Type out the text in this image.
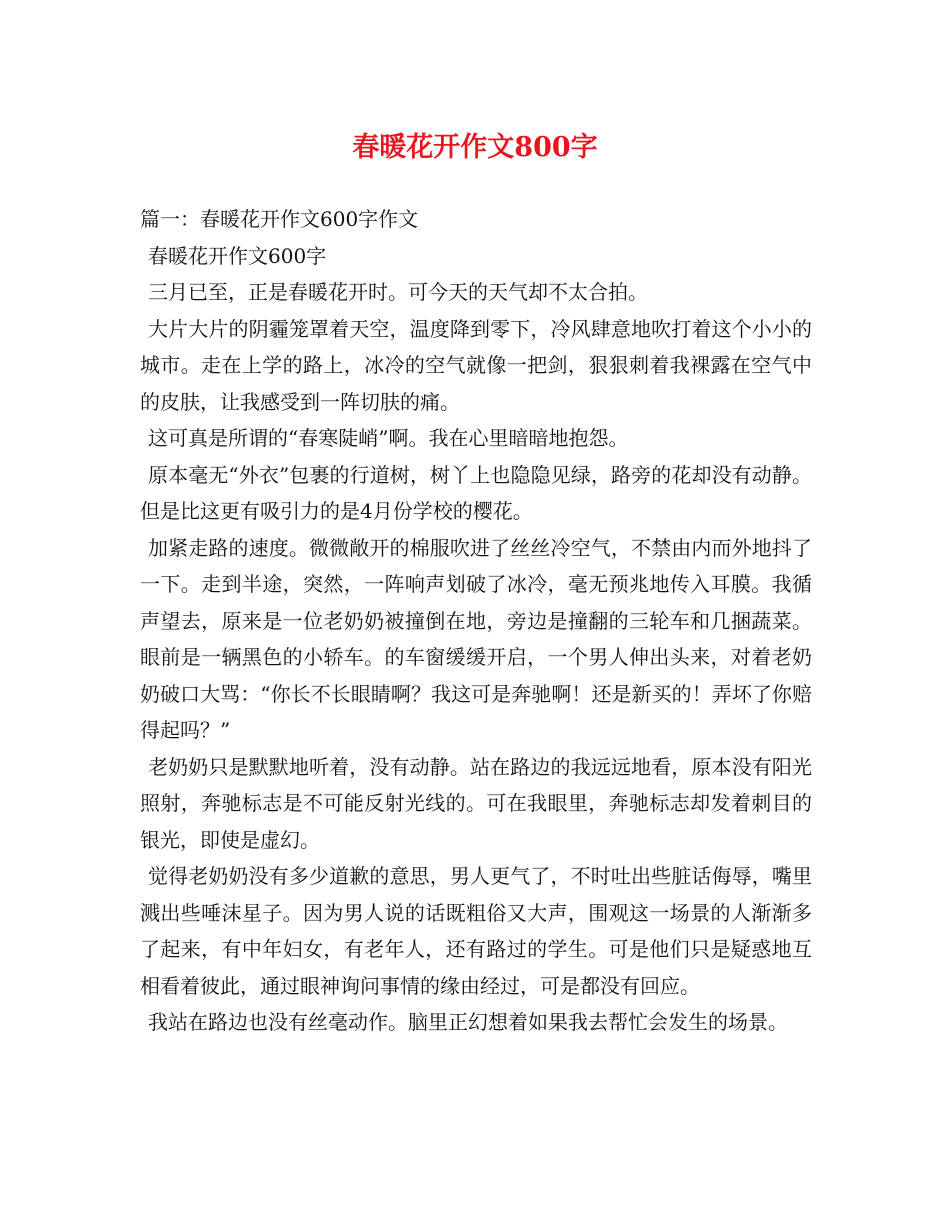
春暖花开作文800字

篇一：春暖花开作文600字作文

春暖花开作文600字

三月已至，正是春暖花开时。可今天的天气却不太合拍。

大片大片的阴霾笼罩着天空，温度降到零下，冷风肆意地吹打着这个小小的城市。走在上学的路上，冰冷的空气就像一把剑，狠狠刺着我裸露在空气中的皮肤，让我感受到一阵切肤的痛。

这可真是所谓的“春寒陡峭”啊。我在心里暗暗地抱怨。

原本毫无“外衣”包裹的行道树，树丫上也隐隐见绿，路旁的花却没有动静。但是比这更有吸引力的是4月份学校的樱花。

加紧走路的速度。微微敞开的棉服吹进了丝丝冷空气，不禁由内而外地抖了一下。走到半途，突然，一阵响声划破了冰冷，毫无预兆地传入耳膜。我循声望去，原来是一位老奶奶被撞倒在地，旁边是撞翻的三轮车和几捆蔬菜。眼前是一辆黑色的小轿车。的车窗缓缓开启，一个男人伸出头来，对着老奶奶破口大骂：“你长不长眼睛啊？我这可是奔驰啊！还是新买的！弄坏了你赔得起吗？”

老奶奶只是默默地听着，没有动静。站在路边的我远远地看，原本没有阳光照射，奔驰标志是不可能反射光线的。可在我眼里，奔驰标志却发着刺目的银光，即使是虚幻。

觉得老奶奶没有多少道歉的意思，男人更气了，不时吐出些脏话侮辱，嘴里溅出些唾沫星子。因为男人说的话既粗俗又大声，围观这一场景的人渐渐多了起来，有中年妇女，有老年人，还有路过的学生。可是他们只是疑惑地互相看着彼此，通过眼神询问事情的缘由经过，可是都没有回应。

我站在路边也没有丝毫动作。脑里正幻想着如果我去帮忙会发生的场景。
